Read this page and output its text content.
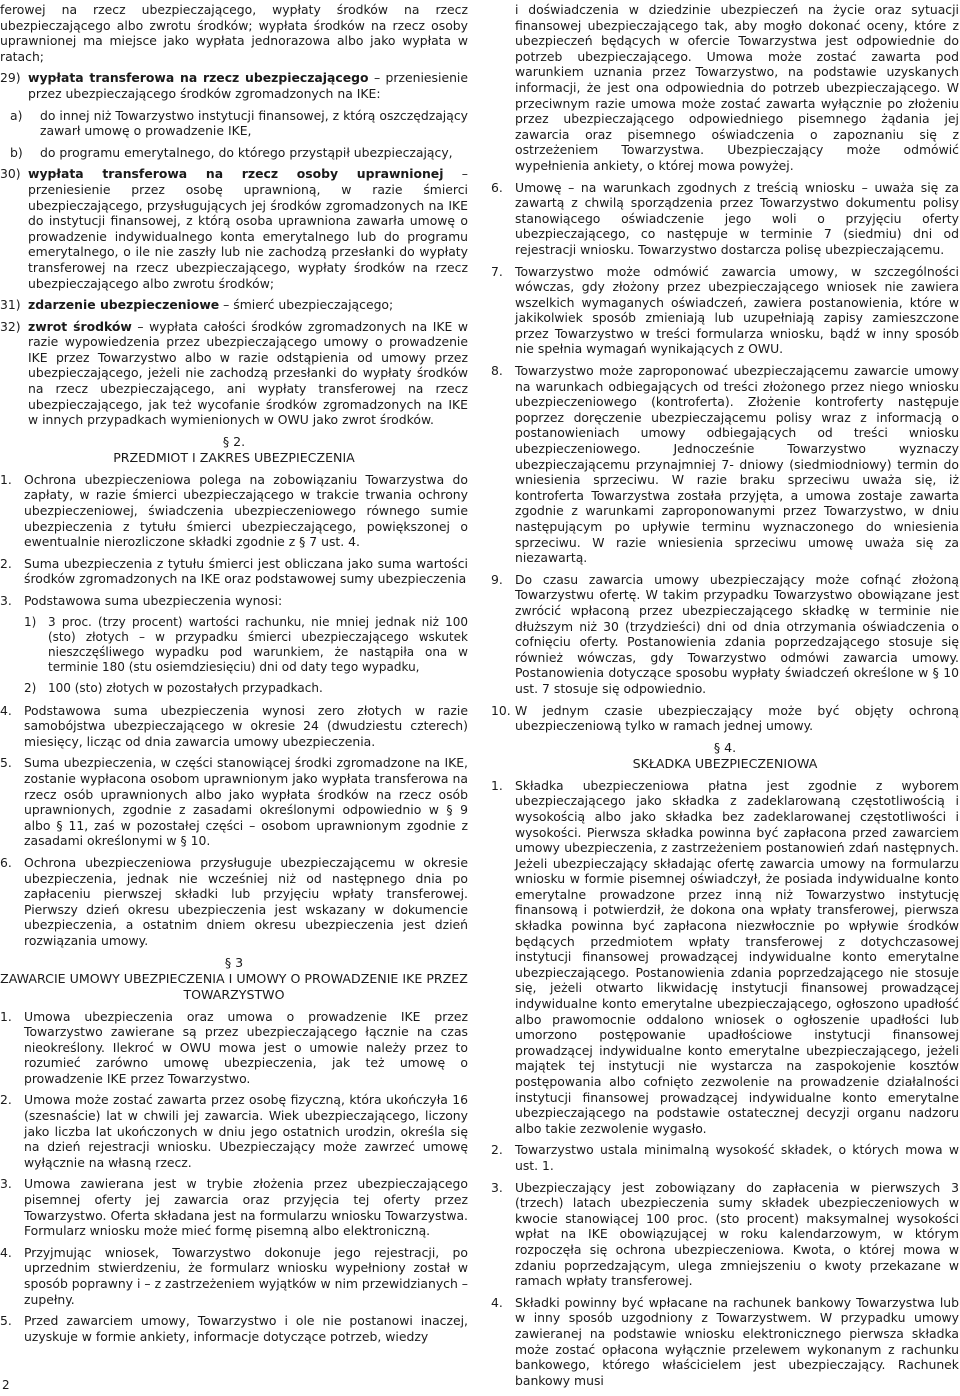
ferowej na rzecz ubezpieczającego, wypłaty środków na rzecz ubezpieczającego albo zwrotu środków; wypłata środków na rzecz osoby uprawnionej ma miejsce jako wypłata jednorazowa albo jako wypłata w ratach;

29) wypłata transferowa na rzecz ubezpieczającego – przeniesienie przez ubezpieczającego środków zgromadzonych na IKE:
a) do innej niż Towarzystwo instytucji finansowej, z którą oszczędzający zawarł umowę o prowadzenie IKE,
b) do programu emerytalnego, do którego przystąpił ubezpieczający,
30) wypłata transferowa na rzecz osoby uprawnionej – przeniesienie przez osobę uprawnioną, w razie śmierci ubezpieczającego, przysługujących jej środków zgromadzonych na IKE do instytucji finansowej, z którą osoba uprawniona zawarła umowę o prowadzenie indywidualnego konta emerytalnego lub do programu emerytalnego, o ile nie zaszły lub nie zachodzą przesłanki do wypłaty transferowej na rzecz ubezpieczającego, wypłaty środków na rzecz ubezpieczającego albo zwrotu środków;
31) zdarzenie ubezpieczeniowe – śmierć ubezpieczającego;
32) zwrot środków – wypłata całości środków zgromadzonych na IKE w razie wypowiedzenia przez ubezpieczającego umowy o prowadzenie IKE przez Towarzystwo albo w razie odstąpienia od umowy przez ubezpieczającego, jeżeli nie zachodzą przesłanki do wypłaty środków na rzecz ubezpieczającego, ani wypłaty transferowej na rzecz ubezpieczającego, jak też wycofanie środków zgromadzonych na IKE w innych przypadkach wymienionych w OWU jako zwrot środków.
§ 2.
PRZEDMIOT I ZAKRES UBEZPIECZENIA
1. Ochrona ubezpieczeniowa polega na zobowiązaniu Towarzystwa do zapłaty, w razie śmierci ubezpieczającego w trakcie trwania ochrony ubezpieczeniowej, świadczenia ubezpieczeniowego równego sumie ubezpieczenia z tytułu śmierci ubezpieczającego, powiększonej o ewentualnie nierozliczone składki zgodnie z § 7 ust. 4.
2. Suma ubezpieczenia z tytułu śmierci jest obliczana jako suma wartości środków zgromadzonych na IKE oraz podstawowej sumy ubezpieczenia
3. Podstawowa suma ubezpieczenia wynosi:
1) 3 proc. (trzy procent) wartości rachunku, nie mniej jednak niż 100 (sto) złotych – w przypadku śmierci ubezpieczającego wskutek nieszczęśliwego wypadku pod warunkiem, że nastąpiła ona w terminie 180 (stu osiemdziesięciu) dni od daty tego wypadku,
2) 100 (sto) złotych w pozostałych przypadkach.
4. Podstawowa suma ubezpieczenia wynosi zero złotych w razie samobójstwa ubezpieczającego w okresie 24 (dwudziestu czterech) miesięcy, licząc od dnia zawarcia umowy ubezpieczenia.
5. Suma ubezpieczenia, w części stanowiącej środki zgromadzone na IKE, zostanie wypłacona osobom uprawnionym jako wypłata transferowa na rzecz osób uprawnionych albo jako wypłata środków na rzecz osób uprawnionych, zgodnie z zasadami określonymi odpowiednio w § 9 albo § 11, zaś w pozostałej części – osobom uprawnionym zgodnie z zasadami określonymi w § 10.
6. Ochrona ubezpieczeniowa przysługuje ubezpieczającemu w okresie ubezpieczenia, jednak nie wcześniej niż od następnego dnia po zapłaceniu pierwszej składki lub przyjęciu wpłaty transferowej. Pierwszy dzień okresu ubezpieczenia jest wskazany w dokumencie ubezpieczenia, a ostatnim dniem okresu ubezpieczenia jest dzień rozwiązania umowy.
§ 3
ZAWARCIE UMOWY UBEZPIECZENIA I UMOWY O PROWADZENIE IKE PRZEZ TOWARZYSTWO
1. Umowa ubezpieczenia oraz umowa o prowadzenie IKE przez Towarzystwo zawierane są przez ubezpieczającego łącznie na czas nieokreślony. Ilekroć w OWU mowa jest o umowie należy przez to rozumieć zarówno umowę ubezpieczenia, jak też umowę o prowadzenie IKE przez Towarzystwo.
2. Umowa może zostać zawarta przez osobę fizyczną, która ukończyła 16 (szesnaście) lat w chwili jej zawarcia. Wiek ubezpieczającego, liczony jako liczba lat ukończonych w dniu jego ostatnich urodzin, określa się na dzień rejestracji wniosku. Ubezpieczający może zawrzeć umowę wyłącznie na własną rzecz.
3. Umowa zawierana jest w trybie złożenia przez ubezpieczającego pisemnej oferty jej zawarcia oraz przyjęcia tej oferty przez Towarzystwo. Oferta składana jest na formularzu wniosku Towarzystwa. Formularz wniosku może mieć formę pisemną albo elektroniczną.
4. Przyjmując wniosek, Towarzystwo dokonuje jego rejestracji, po uprzednim stwierdzeniu, że formularz wniosku wypełniony został w sposób poprawny i – z zastrzeżeniem wyjątków w nim przewidzianych – zupełny.
5. Przed zawarciem umowy, Towarzystwo i ole nie postanowi inaczej, uzyskuje w formie ankiety, informacje dotyczące potrzeb, wiedzy

i doświadczenia w dziedzinie ubezpieczeń na życie oraz sytuacji finansowej ubezpieczającego tak, aby mogło dokonać oceny, które z ubezpieczeń będących w ofercie Towarzystwa jest odpowiednie do potrzeb ubezpieczającego. Umowa może zostać zawarta pod warunkiem uznania przez Towarzystwo, na podstawie uzyskanych informacji, że jest ona odpowiednia do potrzeb ubezpieczającego. W przeciwnym razie umowa może zostać zawarta wyłącznie po złożeniu przez ubezpieczającego odpowiedniego pisemnego żądania jej zawarcia oraz pisemnego oświadczenia o zapoznaniu się z ostrzeżeniem Towarzystwa. Ubezpieczający może odmówić wypełnienia ankiety, o której mowa powyżej.

6. Umowę – na warunkach zgodnych z treścią wniosku – uważa się za zawartą z chwilą sporządzenia przez Towarzystwo dokumentu polisy stanowiącego oświadczenie jego woli o przyjęciu oferty ubezpieczającego, co następuje w terminie 7 (siedmiu) dni od rejestracji wniosku. Towarzystwo dostarcza polisę ubezpieczającemu.
7. Towarzystwo może odmówić zawarcia umowy, w szczególności wówczas, gdy złożony przez ubezpieczającego wniosek nie zawiera wszelkich wymaganych oświadczeń, zawiera postanowienia, które w jakikolwiek sposób zmieniają lub uzupełniają zapisy zamieszczone przez Towarzystwo w treści formularza wniosku, bądź w inny sposób nie spełnia wymagań wynikających z OWU.
8. Towarzystwo może zaproponować ubezpieczającemu zawarcie umowy na warunkach odbiegających od treści złożonego przez niego wniosku ubezpieczeniowego (kontroferta). Złożenie kontroferty następuje poprzez doręczenie ubezpieczającemu polisy wraz z informacją o postanowieniach umowy odbiegających od treści wniosku ubezpieczeniowego. Jednocześnie Towarzystwo wyznaczy ubezpieczającemu przynajmniej 7- dniowy (siedmiodniowy) termin do wniesienia sprzeciwu. W razie braku sprzeciwu uważa się, iż kontroferta Towarzystwa została przyjęta, a umowa zostaje zawarta zgodnie z warunkami zaproponowanymi przez Towarzystwo, w dniu następującym po upływie terminu wyznaczonego do wniesienia sprzeciwu. W razie wniesienia sprzeciwu umowę uważa się za niezawartą.
9. Do czasu zawarcia umowy ubezpieczający może cofnąć złożoną Towarzystwu ofertę. W takim przypadku Towarzystwo obowiązane jest zwrócić wpłaconą przez ubezpieczającego składkę w terminie nie dłuższym niż 30 (trzydzieści) dni od dnia otrzymania oświadczenia o cofnięciu oferty. Postanowienia zdania poprzedzającego stosuje się również wówczas, gdy Towarzystwo odmówi zawarcia umowy. Postanowienia dotyczące sposobu wypłaty świadczeń określone w § 10 ust. 7 stosuje się odpowiednio.
10. W jednym czasie ubezpieczający może być objęty ochroną ubezpieczeniową tylko w ramach jednej umowy.
§ 4.
SKŁADKA UBEZPIECZENIOWA
1. Składka ubezpieczeniowa płatna jest zgodnie z wyborem ubezpieczającego jako składka z zadeklarowaną częstotliwością i wysokością albo jako składka bez zadeklarowanej częstotliwości i wysokości. Pierwsza składka powinna być zapłacona przed zawarciem umowy ubezpieczenia, z zastrzeżeniem postanowień zdań następnych. Jeżeli ubezpieczający składając ofertę zawarcia umowy na formularzu wniosku w formie pisemnej oświadczył, że posiada indywidualne konto emerytalne prowadzone przez inną niż Towarzystwo instytucję finansową i potwierdził, że dokona ona wpłaty transferowej, pierwsza składka powinna być zapłacona niezwłocznie po wpływie środków będących przedmiotem wpłaty transferowej z dotychczasowej instytucji finansowej prowadzącej indywidualne konto emerytalne ubezpieczającego. Postanowienia zdania poprzedzającego nie stosuje się, jeżeli otwarto likwidację instytucji finansowej prowadzącej indywidualne konto emerytalne ubezpieczającego, ogłoszono upadłość albo prawomocnie oddalono wniosek o ogłoszenie upadłości lub umorzono postępowanie upadłościowe instytucji finansowej prowadzącej indywidualne konto emerytalne ubezpieczającego, jeżeli majątek tej instytucji nie wystarcza na zaspokojenie kosztów postępowania albo cofnięto zezwolenie na prowadzenie działalności instytucji finansowej prowadzącej indywidualne konto emerytalne ubezpieczającego na podstawie ostatecznej decyzji organu nadzoru albo takie zezwolenie wygasło.
2. Towarzystwo ustala minimalną wysokość składek, o których mowa w ust. 1.
3. Ubezpieczający jest zobowiązany do zapłacenia w pierwszych 3 (trzech) latach ubezpieczenia sumy składek ubezpieczeniowych w kwocie stanowiącej 100 proc. (sto procent) maksymalnej wysokości wpłat na IKE obowiązującej w roku kalendarzowym, w którym rozpoczęła się ochrona ubezpieczeniowa. Kwota, o której mowa w zdaniu poprzedzającym, ulega zmniejszeniu o kwoty przekazane w ramach wpłaty transferowej.
4. Składki powinny być wpłacane na rachunek bankowy Towarzystwa lub w inny sposób uzgodniony z Towarzystwem. W przypadku umowy zawieranej na podstawie wniosku elektronicznego pierwsza składka może zostać opłacona wyłącznie przelewem wykonanym z rachunku bankowego, którego właścicielem jest ubezpieczający. Rachunek bankowy musi
2
